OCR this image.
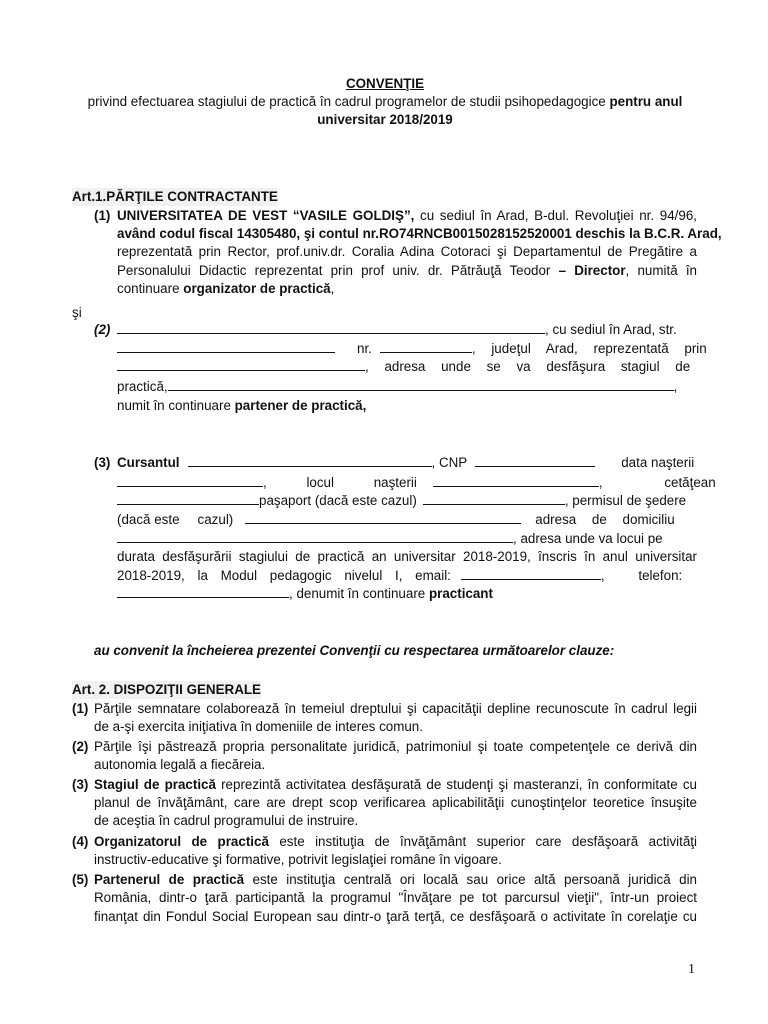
CONVENŢIE
privind efectuarea stagiului de practică în cadrul programelor de studii psihopedagogice pentru anul
universitar 2018/2019
Art.1.PĂRŢILE CONTRACTANTE
(1) UNIVERSITATEA DE VEST “VASILE GOLDIŞ”, cu sediul în Arad, B-dul. Revoluţiei nr. 94/96,
având codul fiscal 14305480, şi contul nr.RO74RNCB0015028152520001 deschis la B.C.R. Arad,
reprezentată prin Rector, prof.univ.dr. Coralia Adina Cotoraci şi Departamentul de Pregătire a
Personalului Didactic reprezentat prin prof univ. dr. Pătrăuţă Teodor – Director, numită în
continuare organizator de practică,
şi
(2)	, cu sediul în Arad, str.
nr.	, judeţul Arad, reprezentată prin
, adresa unde se va desfăşura stagiul de
practică,	,
numit în continuare partener de practică,
(3) Cursantul	, CNP	data naşterii
, locul naşterii	, cetăţean
paşaport (dacă este cazul)	, permisul de şedere
(dacă este cazul)	adresa de domiciliu
, adresa unde va locui pe
durata desfăşurării stagiului de practică an universitar 2018-2019, înscris în anul universitar
2018-2019, la Modul pedagogic nivelul I, email:	, telefon:
, denumit în continuare practicant
au convenit la încheierea prezentei Convenţii cu respectarea următoarelor clauze:
Art. 2. DISPOZIŢII GENERALE
(1) Părţile semnatare colaborează în temeiul dreptului şi capacităţii depline recunoscute în cadrul legii
de a-şi exercita iniţiativa în domeniile de interes comun.
(2) Părţile îşi păstrează propria personalitate juridică, patrimoniul şi toate competenţele ce derivă din
autonomia legală a fiecăreia.
(3) Stagiul de practică reprezintă activitatea desfăşurată de studenţi şi masteranzi, în conformitate cu
planul de învăţământ, care are drept scop verificarea aplicabilităţii cunoştinţelor teoretice însuşite
de aceştia în cadrul programului de instruire.
(4) Organizatorul de practică este instituţia de învăţământ superior care desfăşoară activităţi
instructiv-educative şi formative, potrivit legislaţiei române în vigoare.
(5) Partenerul de practică este instituţia centrală ori locală sau orice altă persoană juridică din
România, dintr-o ţară participantă la programul "Învăţare pe tot parcursul vieţii", într-un proiect
finanţat din Fondul Social European sau dintr-o ţară terţă, ce desfăşoară o activitate în corelaţie cu
1
